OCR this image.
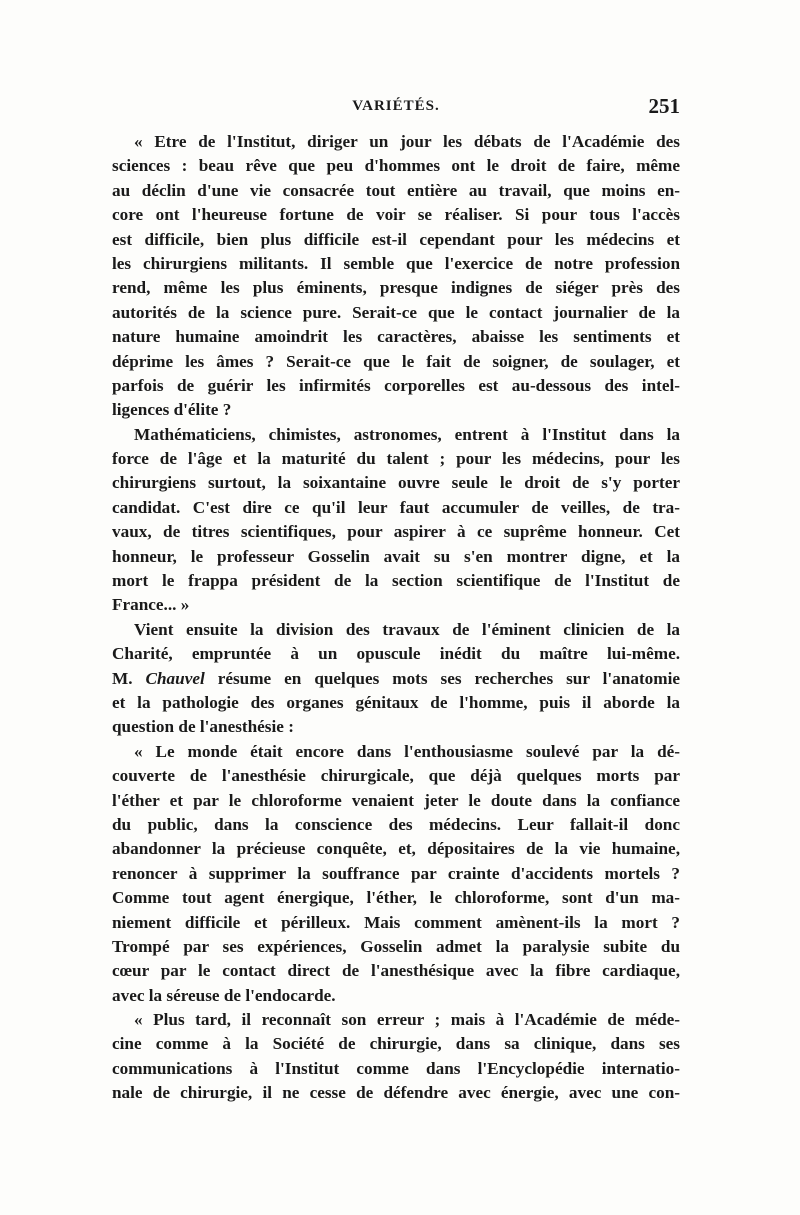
VARIÉTÉS.	251
« Etre de l'Institut, diriger un jour les débats de l'Académie des
sciences : beau rêve que peu d'hommes ont le droit de faire, même
au déclin d'une vie consacrée tout entière au travail, que moins en-
core ont l'heureuse fortune de voir se réaliser. Si pour tous l'accès
est difficile, bien plus difficile est-il cependant pour les médecins et
les chirurgiens militants. Il semble que l'exercice de notre profession
rend, même les plus éminents, presque indignes de siéger près des
autorités de la science pure. Serait-ce que le contact journalier de la
nature humaine amoindrit les caractères, abaisse les sentiments et
déprime les âmes ? Serait-ce que le fait de soigner, de soulager, et
parfois de guérir les infirmités corporelles est au-dessous des intel-
ligences d'élite ?
Mathématiciens, chimistes, astronomes, entrent à l'Institut dans la
force de l'âge et la maturité du talent ; pour les médecins, pour les
chirurgiens surtout, la soixantaine ouvre seule le droit de s'y porter
candidat. C'est dire ce qu'il leur faut accumuler de veilles, de tra-
vaux, de titres scientifiques, pour aspirer à ce suprême honneur. Cet
honneur, le professeur Gosselin avait su s'en montrer digne, et la
mort le frappa président de la section scientifique de l'Institut de
France... »
Vient ensuite la division des travaux de l'éminent clinicien de la
Charité, empruntée à un opuscule inédit du maître lui-même.
M. Chauvel résume en quelques mots ses recherches sur l'anatomie
et la pathologie des organes génitaux de l'homme, puis il aborde la
question de l'anesthésie :
« Le monde était encore dans l'enthousiasme soulevé par la dé-
couverte de l'anesthésie chirurgicale, que déjà quelques morts par
l'éther et par le chloroforme venaient jeter le doute dans la confiance
du public, dans la conscience des médecins. Leur fallait-il donc
abandonner la précieuse conquête, et, dépositaires de la vie humaine,
renoncer à supprimer la souffrance par crainte d'accidents mortels ?
Comme tout agent énergique, l'éther, le chloroforme, sont d'un ma-
niement difficile et périlleux. Mais comment amènent-ils la mort ?
Trompé par ses expériences, Gosselin admet la paralysie subite du
cœur par le contact direct de l'anesthésique avec la fibre cardiaque,
avec la séreuse de l'endocarde.
« Plus tard, il reconnaît son erreur ; mais à l'Académie de méde-
cine comme à la Société de chirurgie, dans sa clinique, dans ses
communications à l'Institut comme dans l'Encyclopédie internatio-
nale de chirurgie, il ne cesse de défendre avec énergie, avec une con-
